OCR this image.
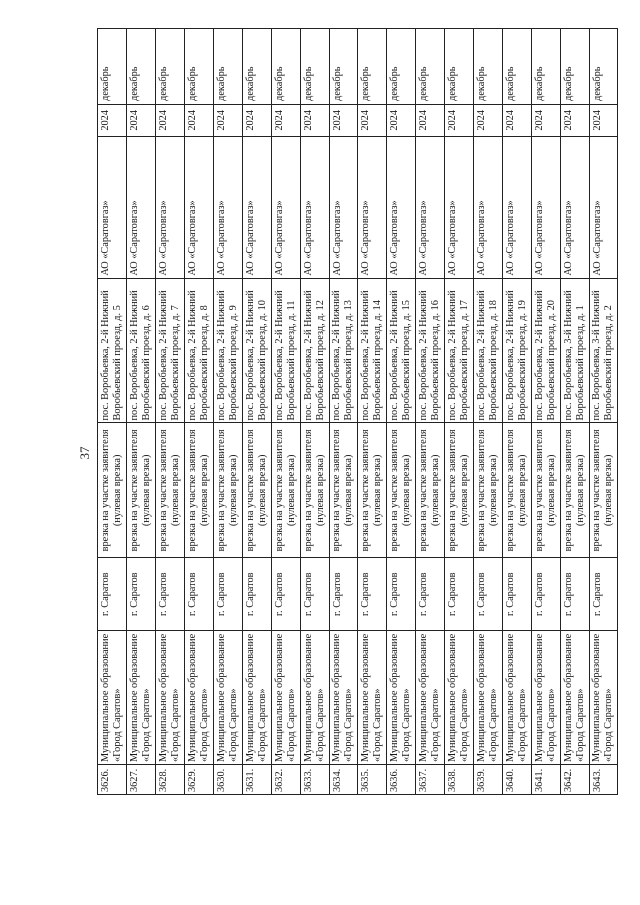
37
3626.
Муниципальное образование «Город Саратов»
г. Саратов
врезка на участке заявителя (нулевая врезка)
пос. Воробьевка, 2-й Нижний Воробьевский проезд, д. 5
АО «Саратовгаз»
2024
декабрь
3627.
Муниципальное образование «Город Саратов»
г. Саратов
врезка на участке заявителя (нулевая врезка)
пос. Воробьевка, 2-й Нижний Воробьевский проезд, д. 6
АО «Саратовгаз»
2024
декабрь
3628.
Муниципальное образование «Город Саратов»
г. Саратов
врезка на участке заявителя (нулевая врезка)
пос. Воробьевка, 2-й Нижний Воробьевский проезд, д. 7
АО «Саратовгаз»
2024
декабрь
3629.
Муниципальное образование «Город Саратов»
г. Саратов
врезка на участке заявителя (нулевая врезка)
пос. Воробьевка, 2-й Нижний Воробьевский проезд, д. 8
АО «Саратовгаз»
2024
декабрь
3630.
Муниципальное образование «Город Саратов»
г. Саратов
врезка на участке заявителя (нулевая врезка)
пос. Воробьевка, 2-й Нижний Воробьевский проезд, д. 9
АО «Саратовгаз»
2024
декабрь
3631.
Муниципальное образование «Город Саратов»
г. Саратов
врезка на участке заявителя (нулевая врезка)
пос. Воробьевка, 2-й Нижний Воробьевский проезд, д. 10
АО «Саратовгаз»
2024
декабрь
3632.
Муниципальное образование «Город Саратов»
г. Саратов
врезка на участке заявителя (нулевая врезка)
пос. Воробьевка, 2-й Нижний Воробьевский проезд, д. 11
АО «Саратовгаз»
2024
декабрь
3633.
Муниципальное образование «Город Саратов»
г. Саратов
врезка на участке заявителя (нулевая врезка)
пос. Воробьевка, 2-й Нижний Воробьевский проезд, д. 12
АО «Саратовгаз»
2024
декабрь
3634.
Муниципальное образование «Город Саратов»
г. Саратов
врезка на участке заявителя (нулевая врезка)
пос. Воробьевка, 2-й Нижний Воробьевский проезд, д. 13
АО «Саратовгаз»
2024
декабрь
3635.
Муниципальное образование «Город Саратов»
г. Саратов
врезка на участке заявителя (нулевая врезка)
пос. Воробьевка, 2-й Нижний Воробьевский проезд, д. 14
АО «Саратовгаз»
2024
декабрь
3636.
Муниципальное образование «Город Саратов»
г. Саратов
врезка на участке заявителя (нулевая врезка)
пос. Воробьевка, 2-й Нижний Воробьевский проезд, д. 15
АО «Саратовгаз»
2024
декабрь
3637.
Муниципальное образование «Город Саратов»
г. Саратов
врезка на участке заявителя (нулевая врезка)
пос. Воробьевка, 2-й Нижний Воробьевский проезд, д. 16
АО «Саратовгаз»
2024
декабрь
3638.
Муниципальное образование «Город Саратов»
г. Саратов
врезка на участке заявителя (нулевая врезка)
пос. Воробьевка, 2-й Нижний Воробьевский проезд, д. 17
АО «Саратовгаз»
2024
декабрь
3639.
Муниципальное образование «Город Саратов»
г. Саратов
врезка на участке заявителя (нулевая врезка)
пос. Воробьевка, 2-й Нижний Воробьевский проезд, д. 18
АО «Саратовгаз»
2024
декабрь
3640.
Муниципальное образование «Город Саратов»
г. Саратов
врезка на участке заявителя (нулевая врезка)
пос. Воробьевка, 2-й Нижний Воробьевский проезд, д. 19
АО «Саратовгаз»
2024
декабрь
3641.
Муниципальное образование «Город Саратов»
г. Саратов
врезка на участке заявителя (нулевая врезка)
пос. Воробьевка, 2-й Нижний Воробьевский проезд, д. 20
АО «Саратовгаз»
2024
декабрь
3642.
Муниципальное образование «Город Саратов»
г. Саратов
врезка на участке заявителя (нулевая врезка)
пос. Воробьевка, 3-й Нижний Воробьевский проезд, д. 1
АО «Саратовгаз»
2024
декабрь
3643.
Муниципальное образование «Город Саратов»
г. Саратов
врезка на участке заявителя (нулевая врезка)
пос. Воробьевка, 3-й Нижний Воробьевский проезд, д. 2
АО «Саратовгаз»
2024
декабрь
